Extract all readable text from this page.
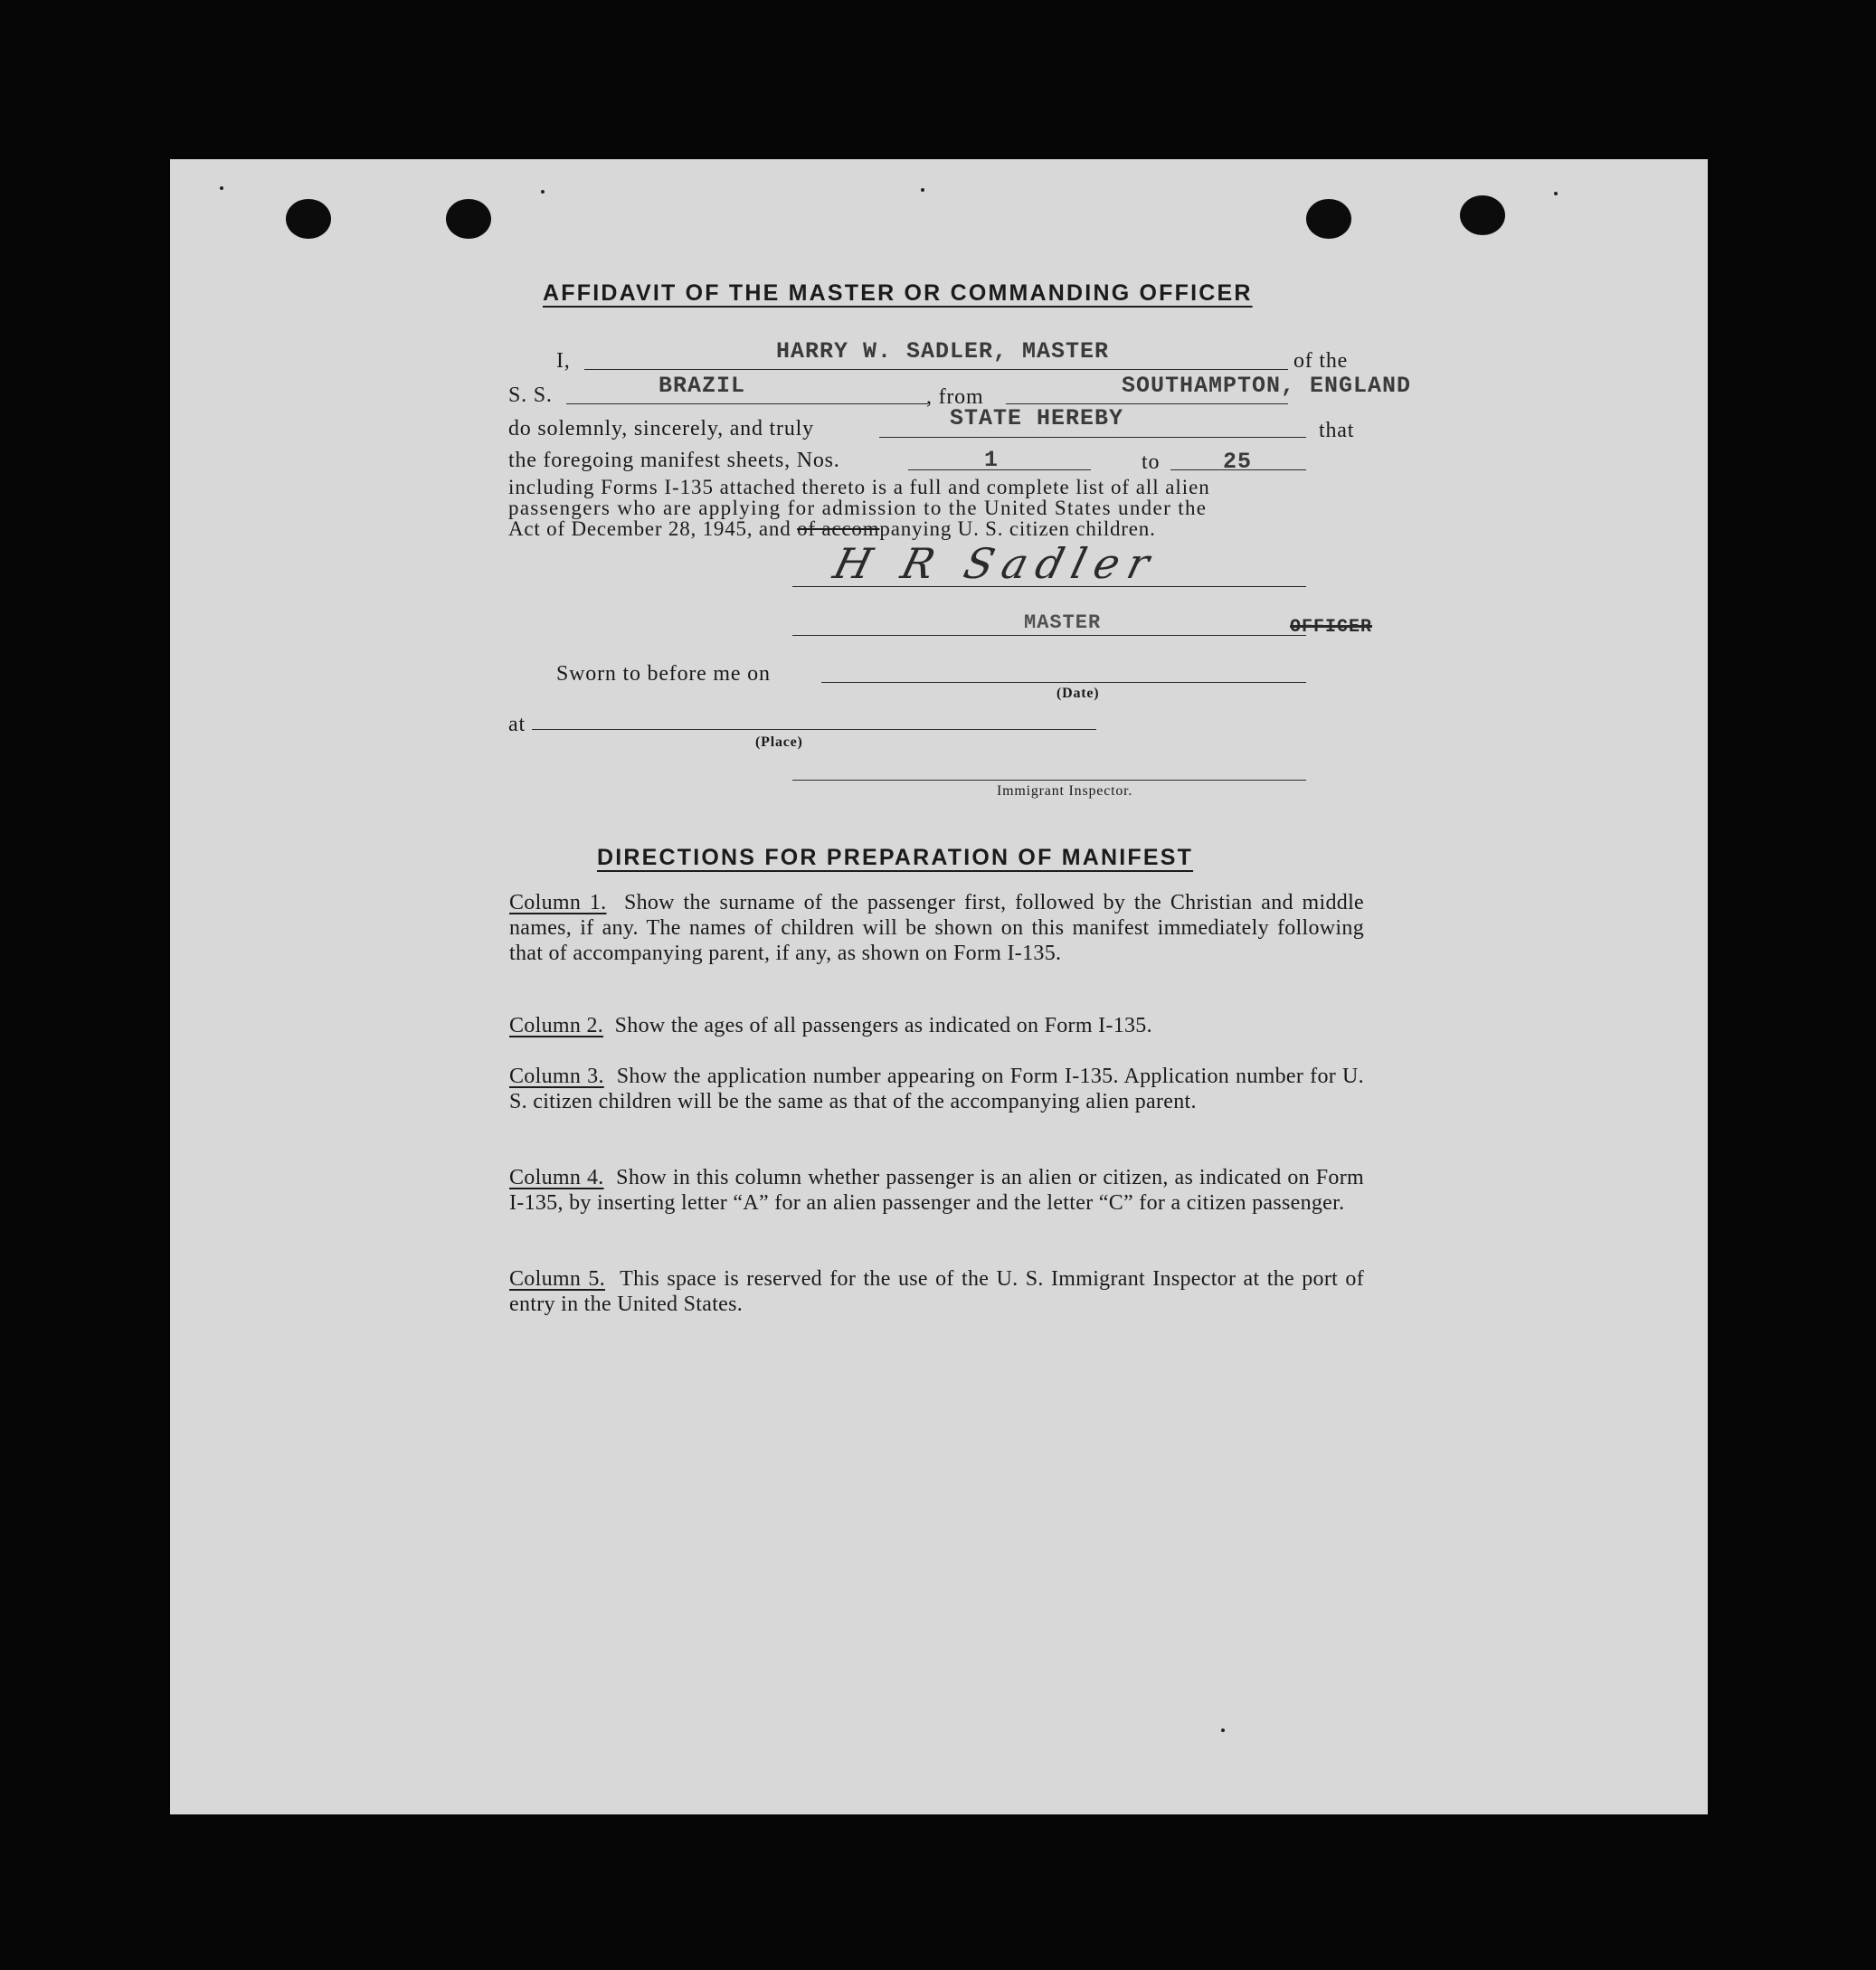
AFFIDAVIT OF THE MASTER OR COMMANDING OFFICER
I,	HARRY W. SADLER, MASTER	of the
S. S.	BRAZIL	, from	SOUTHAMPTON, ENGLAND
do solemnly, sincerely, and truly	STATE HEREBY	that
the foregoing manifest sheets, Nos.	1	to	25
including Forms I-135 attached thereto is a full and complete list of all alien
passengers who are applying for admission to the United States under the
Act of December 28, 1945, and of accompanying U. S. citizen children.
H R Sadler
MASTER	OFFICER
Sworn to before me on
(Date)
at
(Place)
Immigrant Inspector.
DIRECTIONS FOR PREPARATION OF MANIFEST
Column 1. Show the surname of the passenger first, followed by the Christian and middle names, if any. The names of children will be shown on this manifest immediately following that of accompanying parent, if any, as shown on Form I-135.
Column 2. Show the ages of all passengers as indicated on Form I-135.
Column 3. Show the application number appearing on Form I-135. Application number for U. S. citizen children will be the same as that of the accompanying alien parent.
Column 4. Show in this column whether passenger is an alien or citizen, as indicated on Form I-135, by inserting letter “A” for an alien passenger and the letter “C” for a citizen passenger.
Column 5. This space is reserved for the use of the U. S. Immigrant Inspector at the port of entry in the United States.
